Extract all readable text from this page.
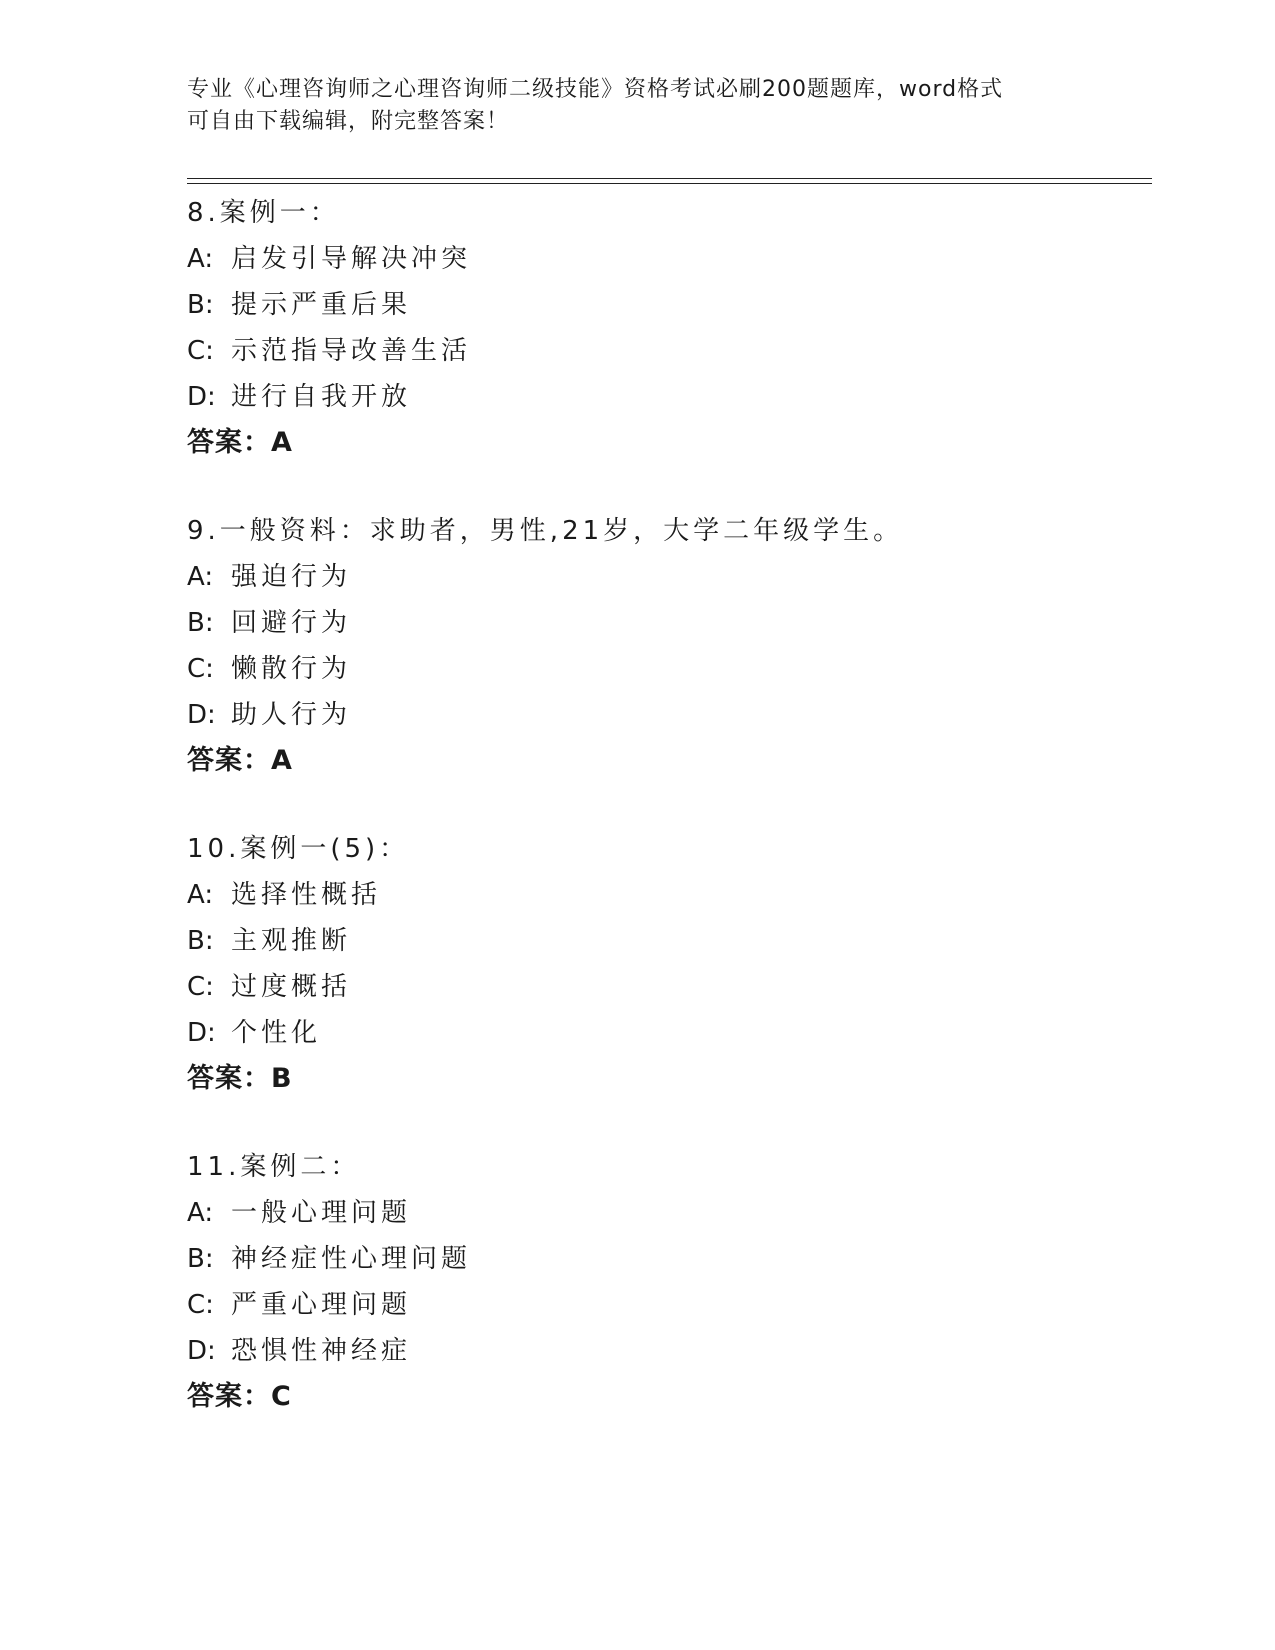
专业《心理咨询师之心理咨询师二级技能》资格考试必刷200题题库，word格式
可自由下载编辑，附完整答案！
8.案例一：
A: 启发引导解决冲突
B: 提示严重后果
C: 示范指导改善生活
D: 进行自我开放
答案：A
9.一般资料：求助者，男性,21岁，大学二年级学生。
A: 强迫行为
B: 回避行为
C: 懒散行为
D: 助人行为
答案：A
10.案例一(5)：
A: 选择性概括
B: 主观推断
C: 过度概括
D: 个性化
答案：B
11.案例二：
A: 一般心理问题
B: 神经症性心理问题
C: 严重心理问题
D: 恐惧性神经症
答案：C
